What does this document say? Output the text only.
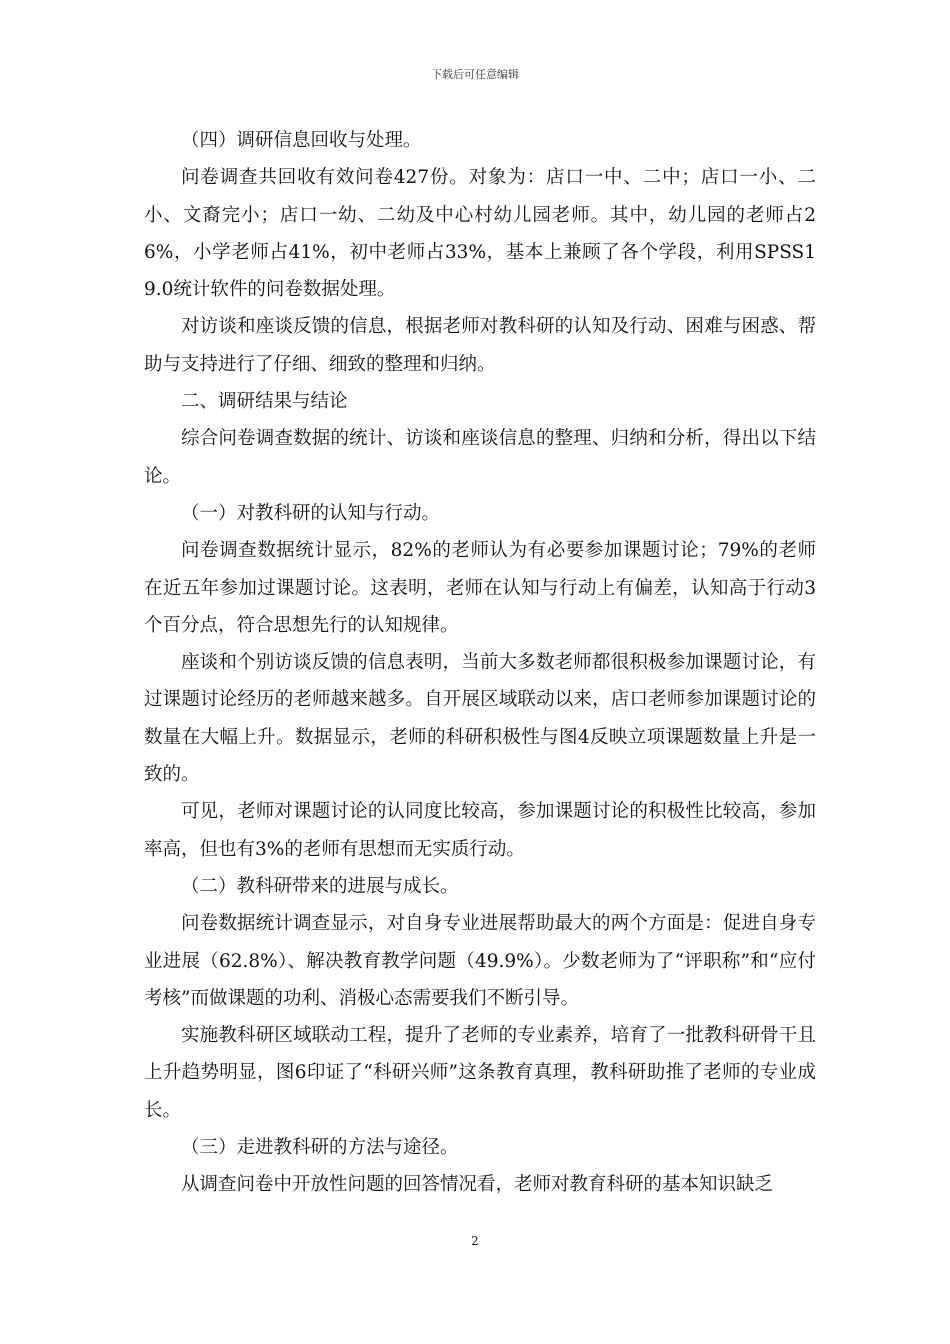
下载后可任意编辑

（四）调研信息回收与处理。

问卷调查共回收有效问卷427份。对象为：店口一中、二中；店口一小、二小、文裔完小；店口一幼、二幼及中心村幼儿园老师。其中，幼儿园的老师占26%，小学老师占41%，初中老师占33%，基本上兼顾了各个学段，利用SPSS19.0统计软件的问卷数据处理。

对访谈和座谈反馈的信息，根据老师对教科研的认知及行动、困难与困惑、帮助与支持进行了仔细、细致的整理和归纳。

二、调研结果与结论

综合问卷调查数据的统计、访谈和座谈信息的整理、归纳和分析，得出以下结论。

（一）对教科研的认知与行动。

问卷调查数据统计显示，82%的老师认为有必要参加课题讨论；79%的老师在近五年参加过课题讨论。这表明，老师在认知与行动上有偏差，认知高于行动3个百分点，符合思想先行的认知规律。

座谈和个别访谈反馈的信息表明，当前大多数老师都很积极参加课题讨论，有过课题讨论经历的老师越来越多。自开展区域联动以来，店口老师参加课题讨论的数量在大幅上升。数据显示，老师的科研积极性与图4反映立项课题数量上升是一致的。

可见，老师对课题讨论的认同度比较高，参加课题讨论的积极性比较高，参加率高，但也有3%的老师有思想而无实质行动。

（二）教科研带来的进展与成长。

问卷数据统计调查显示，对自身专业进展帮助最大的两个方面是：促进自身专业进展（62.8%）、解决教育教学问题（49.9%）。少数老师为了“评职称”和“应付考核”而做课题的功利、消极心态需要我们不断引导。

实施教科研区域联动工程，提升了老师的专业素养，培育了一批教科研骨干且上升趋势明显，图6印证了“科研兴师”这条教育真理，教科研助推了老师的专业成长。

（三）走进教科研的方法与途径。

从调查问卷中开放性问题的回答情况看，老师对教育科研的基本知识缺乏

2
